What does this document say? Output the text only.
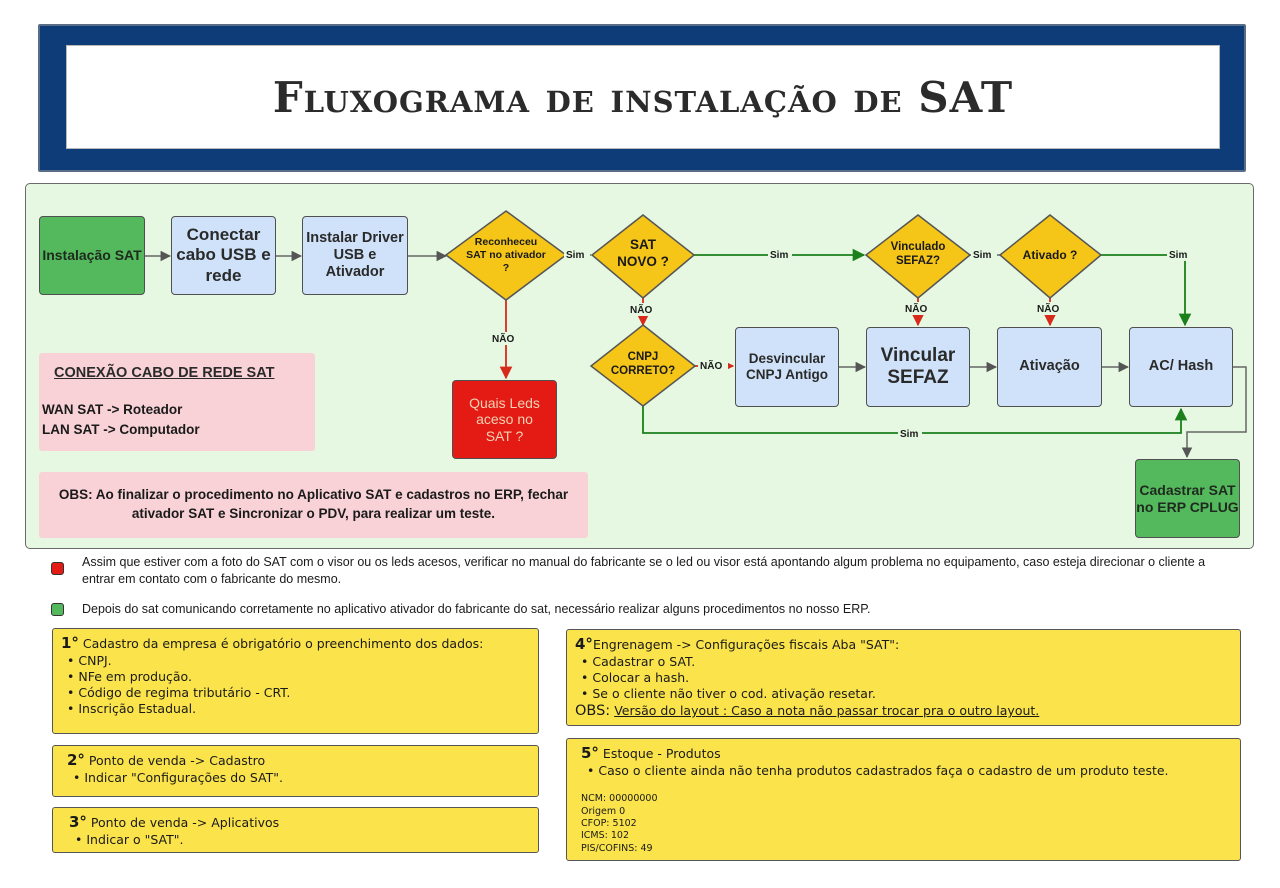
Fluxograma de instalação de SAT
Instalação SAT
Conectar cabo USB e rede
Instalar Driver USB e Ativador
Desvincular CNPJ Antigo
Vincular SEFAZ
Ativação	AC/ Hash
Quais Leds aceso no SAT ?
Cadastrar SAT no ERP CPLUG
CONEXÃO CABO DE REDE SAT
WAN SAT -> Roteador
LAN SAT -> Computador
OBS: Ao finalizar o procedimento no Aplicativo SAT e cadastros no ERP, fechar ativador SAT e Sincronizar o PDV, para realizar um teste.
Reconheceu
SAT no ativador
?
SAT
NOVO ?
Vinculado
SEFAZ?	Ativado ?
CNPJ
CORRETO?
Sim	Sim	Sim	Sim
Sim
NÃO
NÃO
NÃO
NÃO	NÃO
Assim que estiver com a foto do SAT com o visor ou os leds acesos, verificar no manual do fabricante se o led ou visor está apontando algum problema no equipamento, caso esteja direcionar o cliente a entrar em contato com o fabricante do mesmo.
Depois do sat comunicando corretamente no aplicativo ativador do fabricante do sat, necessário realizar alguns procedimentos no nosso ERP.
1° Cadastro da empresa é obrigatório o preenchimento dos dados:
• CNPJ.
• NFe em produção.
• Código de regima tributário - CRT.
• Inscrição Estadual.
2° Ponto de venda -> Cadastro
• Indicar "Configurações do SAT".
3° Ponto de venda -> Aplicativos
• Indicar o "SAT".
4°Engrenagem -> Configurações fiscais Aba "SAT":
• Cadastrar o SAT.
• Colocar a hash.
• Se o cliente não tiver o cod. ativação resetar.
OBS: Versão do layout : Caso a nota não passar trocar pra o outro layout.
5° Estoque - Produtos
• Caso o cliente ainda não tenha produtos cadastrados faça o cadastro de um produto teste.
NCM: 00000000
Origem 0
CFOP: 5102
ICMS: 102
PIS/COFINS: 49
